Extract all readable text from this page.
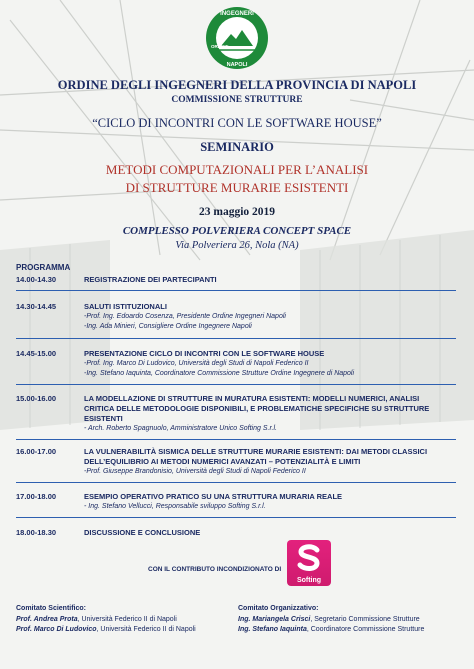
INGEGNERI
NAPOLI
ORDINE
ORDINE DEGLI INGEGNERI DELLA PROVINCIA DI NAPOLI
COMMISSIONE STRUTTURE
“CICLO DI INCONTRI CON LE SOFTWARE HOUSE”
SEMINARIO
METODI COMPUTAZIONALI PER L’ANALISI
DI STRUTTURE MURARIE ESISTENTI
23 maggio 2019
COMPLESSO POLVERIERA CONCEPT SPACE
Via Polveriera 26, Nola (NA)
PROGRAMMA
14.00-14.30	REGISTRAZIONE DEI PARTECIPANTI
14.30-14.45	SALUTI ISTITUZIONALI
-Prof. Ing. Edoardo Cosenza, Presidente Ordine Ingegneri Napoli
-Ing. Ada Minieri, Consigliere Ordine Ingegnere Napoli
14.45-15.00	PRESENTAZIONE CICLO DI INCONTRI CON LE SOFTWARE HOUSE
-Prof. Ing. Marco Di Ludovico, Università degli Studi di Napoli Federico II
-Ing. Stefano Iaquinta, Coordinatore Commissione Strutture Ordine Ingegnere di Napoli
15.00-16.00	LA MODELLAZIONE DI STRUTTURE IN MURATURA ESISTENTI: MODELLI NUMERICI, ANALISI
CRITICA DELLE METODOLOGIE DISPONIBILI, E PROBLEMATICHE SPECIFICHE SU STRUTTURE
ESISTENTI
- Arch. Roberto Spagnuolo, Amministratore Unico Softing S.r.l.
16.00-17.00	LA VULNERABILITÀ SISMICA DELLE STRUTTURE MURARIE ESISTENTI: DAI METODI CLASSICI
DELL’EQUILIBRIO AI METODI NUMERICI AVANZATI – POTENZIALITÀ E LIMITI
-Prof. Giuseppe Brandonisio, Università degli Studi di Napoli Federico II
17.00-18.00	ESEMPIO OPERATIVO PRATICO SU UNA STRUTTURA MURARIA REALE
- Ing. Stefano Vellucci, Responsabile sviluppo Softing S.r.l.
18.00-18.30	DISCUSSIONE E CONCLUSIONE
CON IL CONTRIBUTO INCONDIZIONATO DI
Softing
Comitato Scientifico:
Prof. Andrea Prota, Università Federico II di Napoli
Prof. Marco Di Ludovico, Università Federico II di Napoli
Comitato Organizzativo:
Ing. Mariangela Crisci, Segretario Commissione Strutture
Ing. Stefano Iaquinta, Coordinatore Commissione Strutture
